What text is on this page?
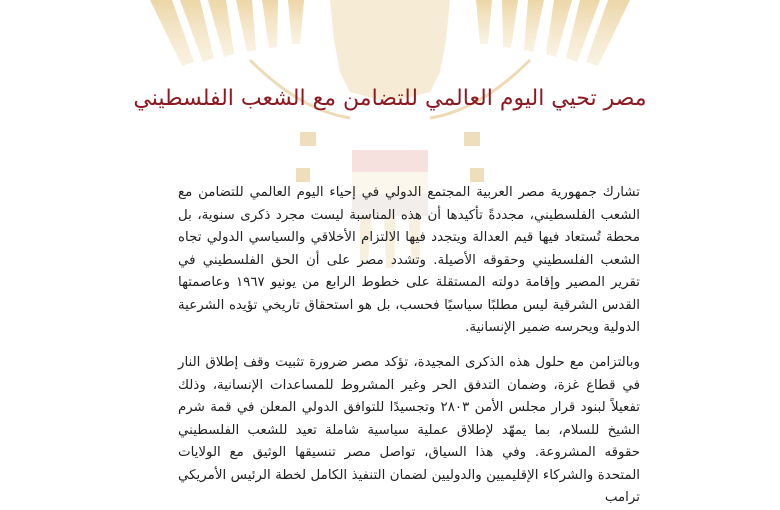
مصر تحيي اليوم العالمي للتضامن مع الشعب الفلسطيني

تشارك جمهورية مصر العربية المجتمع الدولي في إحياء اليوم العالمي للتضامن مع الشعب الفلسطيني، مجددةً تأكيدها أن هذه المناسبة ليست مجرد ذكرى سنوية، بل محطة تُستعاد فيها قيم العدالة ويتجدد فيها الالتزام الأخلاقي والسياسي الدولي تجاه الشعب الفلسطيني وحقوقه الأصيلة. وتشدد مصر على أن الحق الفلسطيني في تقرير المصير وإقامة دولته المستقلة على خطوط الرابع من يونيو ١٩٦٧ وعاصمتها القدس الشرقية ليس مطلبًا سياسيًا فحسب، بل هو استحقاق تاريخي تؤيده الشرعية الدولية ويحرسه ضمير الإنسانية.

وبالتزامن مع حلول هذه الذكرى المجيدة، تؤكد مصر ضرورة تثبيت وقف إطلاق النار في قطاع غزة، وضمان التدفق الحر وغير المشروط للمساعدات الإنسانية، وذلك تفعيلاً لبنود قرار مجلس الأمن ٢٨٠٣ وتجسيدًا للتوافق الدولي المعلن في قمة شرم الشيخ للسلام، بما يمهّد لإطلاق عملية سياسية شاملة تعيد للشعب الفلسطيني حقوقه المشروعة. وفي هذا السياق، تواصل مصر تنسيقها الوثيق مع الولايات المتحدة والشركاء الإقليميين والدوليين لضمان التنفيذ الكامل لخطة الرئيس الأمريكي ترامب
